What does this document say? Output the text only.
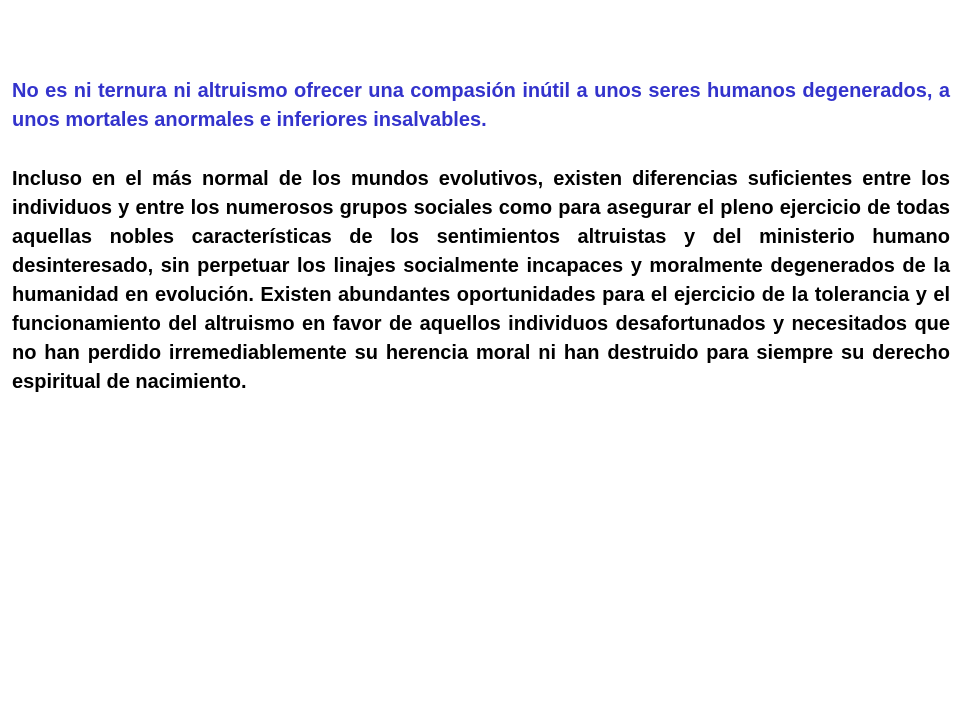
No es ni ternura ni altruismo ofrecer una compasión inútil a unos seres humanos degenerados, a unos mortales anormales e inferiores insalvables.

Incluso en el más normal de los mundos evolutivos, existen diferencias suficientes entre los individuos y entre los numerosos grupos sociales como para asegurar el pleno ejercicio de todas aquellas nobles características de los sentimientos altruistas y del ministerio humano desinteresado, sin perpetuar los linajes socialmente incapaces y moralmente degenerados de la humanidad en evolución. Existen abundantes oportunidades para el ejercicio de la tolerancia y el funcionamiento del altruismo en favor de aquellos individuos desafortunados y necesitados que no han perdido irremediablemente su herencia moral ni han destruido para siempre su derecho espiritual de nacimiento.
